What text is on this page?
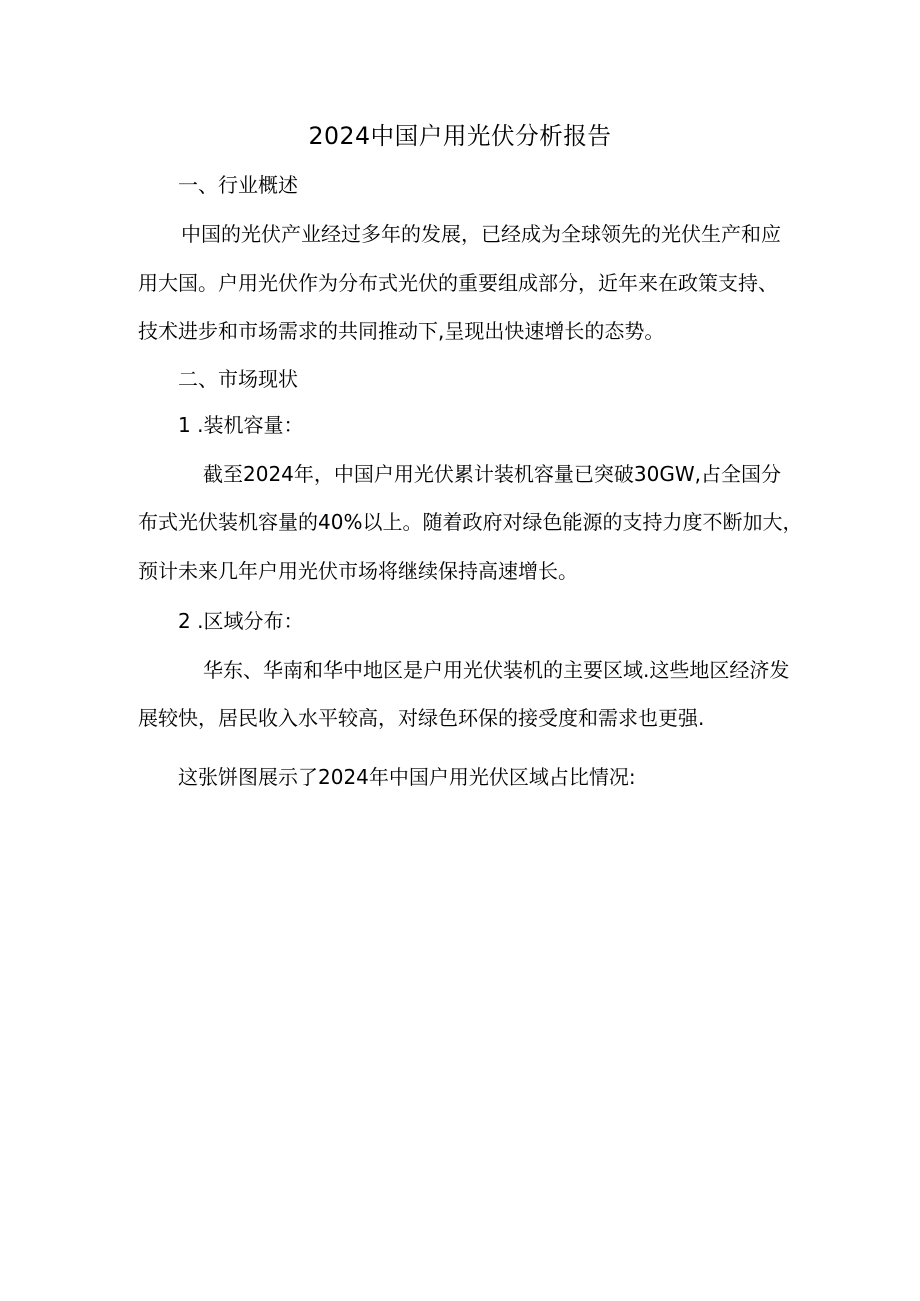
2024中国户用光伏分析报告
一、行业概述
中国的光伏产业经过多年的发展，已经成为全球领先的光伏生产和应
用大国。户用光伏作为分布式光伏的重要组成部分，近年来在政策支持、
技术进步和市场需求的共同推动下,呈现出快速增长的态势。
二、市场现状
1 .装机容量：
截至2024年，中国户用光伏累计装机容量已突破30GW,占全国分
布式光伏装机容量的40%以上。随着政府对绿色能源的支持力度不断加大，
预计未来几年户用光伏市场将继续保持高速增长。
2 .区域分布：
华东、华南和华中地区是户用光伏装机的主要区域.这些地区经济发
展较快，居民收入水平较高，对绿色环保的接受度和需求也更强.
这张饼图展示了2024年中国户用光伏区域占比情况:
